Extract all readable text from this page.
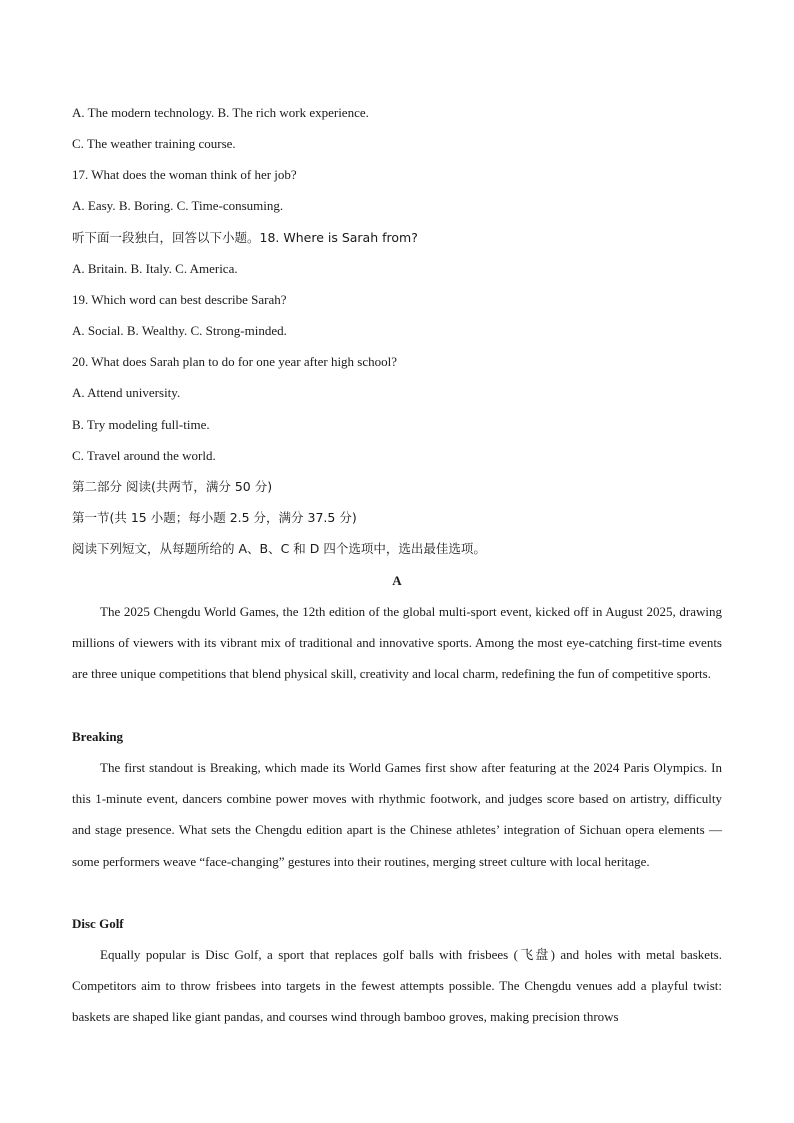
A. The modern technology. B. The rich work experience.
C. The weather training course.
17. What does the woman think of her job?
A. Easy. B. Boring. C. Time-consuming.
听下面一段独白，回答以下小题。18. Where is Sarah from?
A. Britain. B. Italy. C. America.
19. Which word can best describe Sarah?
A. Social. B. Wealthy. C. Strong-minded.
20. What does Sarah plan to do for one year after high school?
A. Attend university.
B. Try modeling full-time.
C. Travel around the world.
第二部分 阅读(共两节，满分 50 分)
第一节(共 15 小题；每小题 2.5 分，满分 37.5 分)
阅读下列短文，从每题所给的 A、B、C 和 D 四个选项中，选出最佳选项。
A
The 2025 Chengdu World Games, the 12th edition of the global multi-sport event, kicked off in August 2025, drawing millions of viewers with its vibrant mix of traditional and innovative sports. Among the most eye-catching first-time events are three unique competitions that blend physical skill, creativity and local charm, redefining the fun of competitive sports.
Breaking
The first standout is Breaking, which made its World Games first show after featuring at the 2024 Paris Olympics. In this 1-minute event, dancers combine power moves with rhythmic footwork, and judges score based on artistry, difficulty and stage presence. What sets the Chengdu edition apart is the Chinese athletes’ integration of Sichuan opera elements — some performers weave “face-changing” gestures into their routines, merging street culture with local heritage.
Disc Golf
Equally popular is Disc Golf, a sport that replaces golf balls with frisbees (飞盘) and holes with metal baskets. Competitors aim to throw frisbees into targets in the fewest attempts possible. The Chengdu venues add a playful twist: baskets are shaped like giant pandas, and courses wind through bamboo groves, making precision throws
